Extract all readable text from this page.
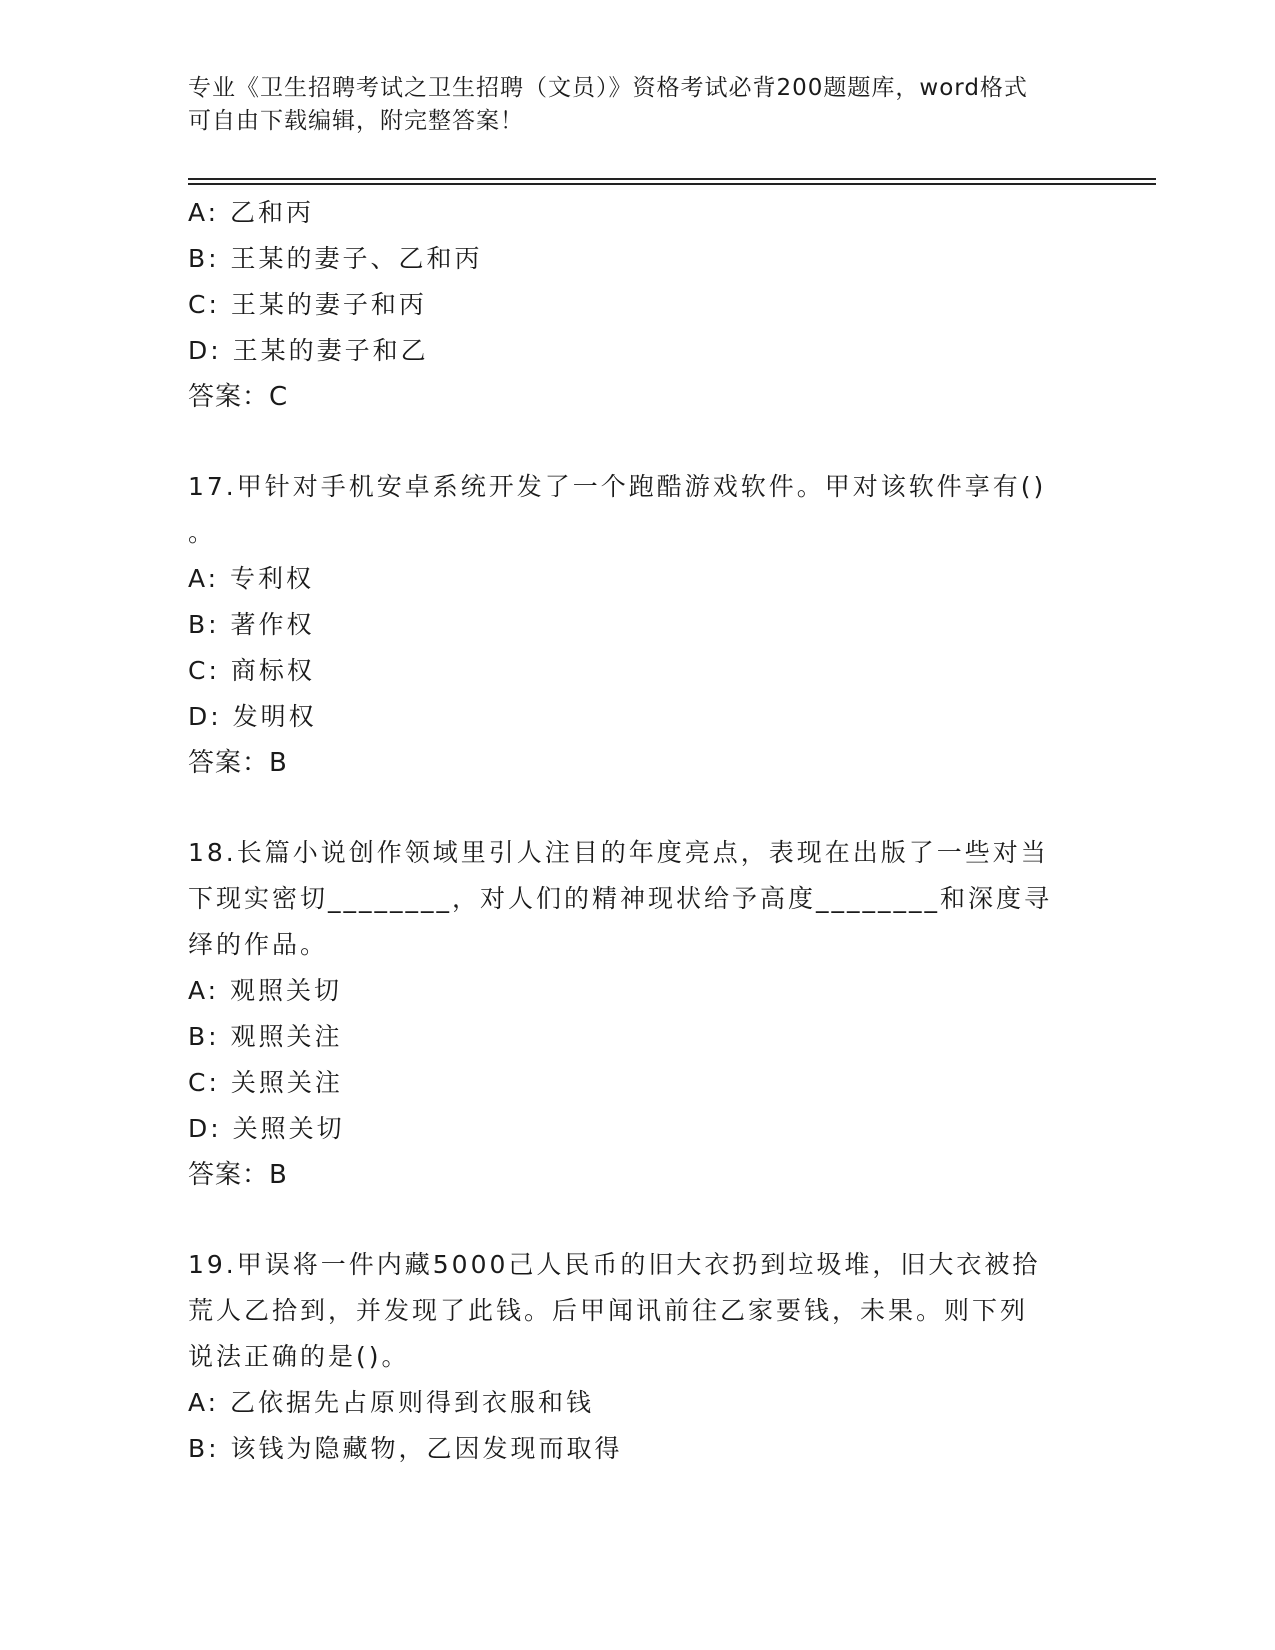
专业《卫生招聘考试之卫生招聘（文员）》资格考试必背200题题库，word格式
可自由下载编辑，附完整答案！
A: 乙和丙
B: 王某的妻子、乙和丙
C: 王某的妻子和丙
D: 王某的妻子和乙
答案：C
17.甲针对手机安卓系统开发了一个跑酷游戏软件。甲对该软件享有()
。
A: 专利权
B: 著作权
C: 商标权
D: 发明权
答案：B
18.长篇小说创作领域里引人注目的年度亮点，表现在出版了一些对当
下现实密切________，对人们的精神现状给予高度________和深度寻
绎的作品。
A: 观照关切
B: 观照关注
C: 关照关注
D: 关照关切
答案：B
19.甲误将一件内藏5000己人民币的旧大衣扔到垃圾堆，旧大衣被拾
荒人乙拾到，并发现了此钱。后甲闻讯前往乙家要钱，未果。则下列
说法正确的是()。
A: 乙依据先占原则得到衣服和钱
B: 该钱为隐藏物，乙因发现而取得
